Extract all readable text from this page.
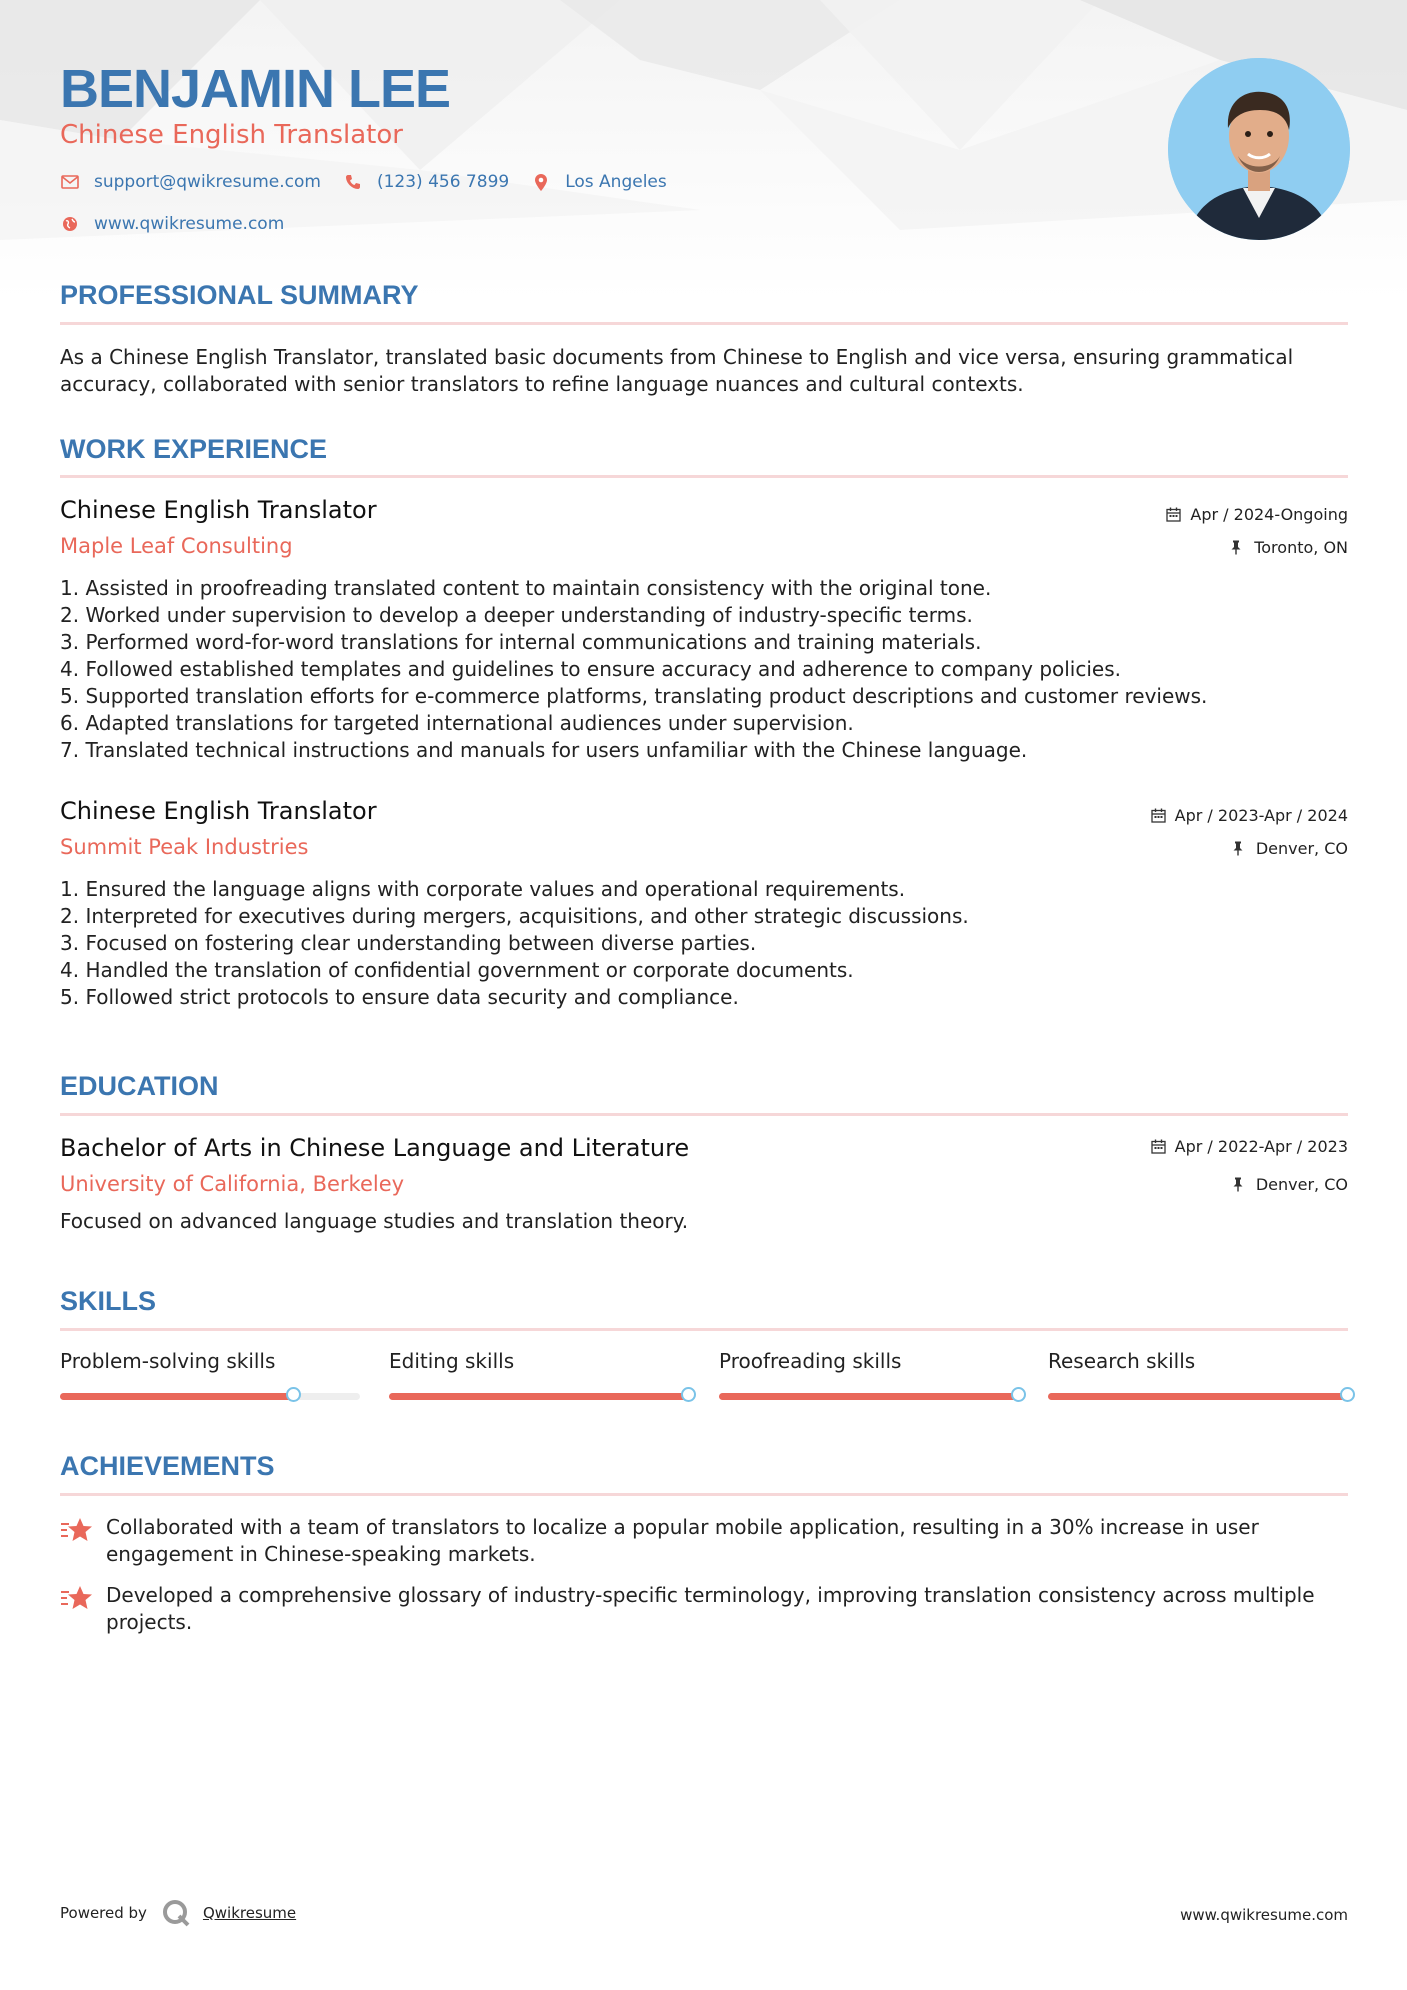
BENJAMIN LEE

Chinese English Translator

support@qwikresume.com	(123) 456 7899	Los Angeles
www.qwikresume.com
PROFESSIONAL SUMMARY

As a Chinese English Translator, translated basic documents from Chinese to English and vice versa, ensuring grammatical accuracy, collaborated with senior translators to refine language nuances and cultural contexts.

WORK EXPERIENCE

Chinese English Translator	Apr / 2024-Ongoing

Maple Leaf Consulting	Toronto, ON
1. Assisted in proofreading translated content to maintain consistency with the original tone.
2. Worked under supervision to develop a deeper understanding of industry-specific terms.
3. Performed word-for-word translations for internal communications and training materials.
4. Followed established templates and guidelines to ensure accuracy and adherence to company policies.
5. Supported translation efforts for e-commerce platforms, translating product descriptions and customer reviews.
6. Adapted translations for targeted international audiences under supervision.
7. Translated technical instructions and manuals for users unfamiliar with the Chinese language.

Chinese English Translator	Apr / 2023-Apr / 2024

Summit Peak Industries	Denver, CO
1. Ensured the language aligns with corporate values and operational requirements.
2. Interpreted for executives during mergers, acquisitions, and other strategic discussions.
3. Focused on fostering clear understanding between diverse parties.
4. Handled the translation of confidential government or corporate documents.
5. Followed strict protocols to ensure data security and compliance.
EDUCATION

Bachelor of Arts in Chinese Language and Literature	Apr / 2022-Apr / 2023

University of California, Berkeley	Denver, CO

Focused on advanced language studies and translation theory.

SKILLS

Problem-solving skills	Editing skills	Proofreading skills	Research skills

ACHIEVEMENTS

Collaborated with a team of translators to localize a popular mobile application, resulting in a 30% increase in user engagement in Chinese-speaking markets.

Developed a comprehensive glossary of industry-specific terminology, improving translation consistency across multiple projects.

Powered by	Qwikresume	www.qwikresume.com
